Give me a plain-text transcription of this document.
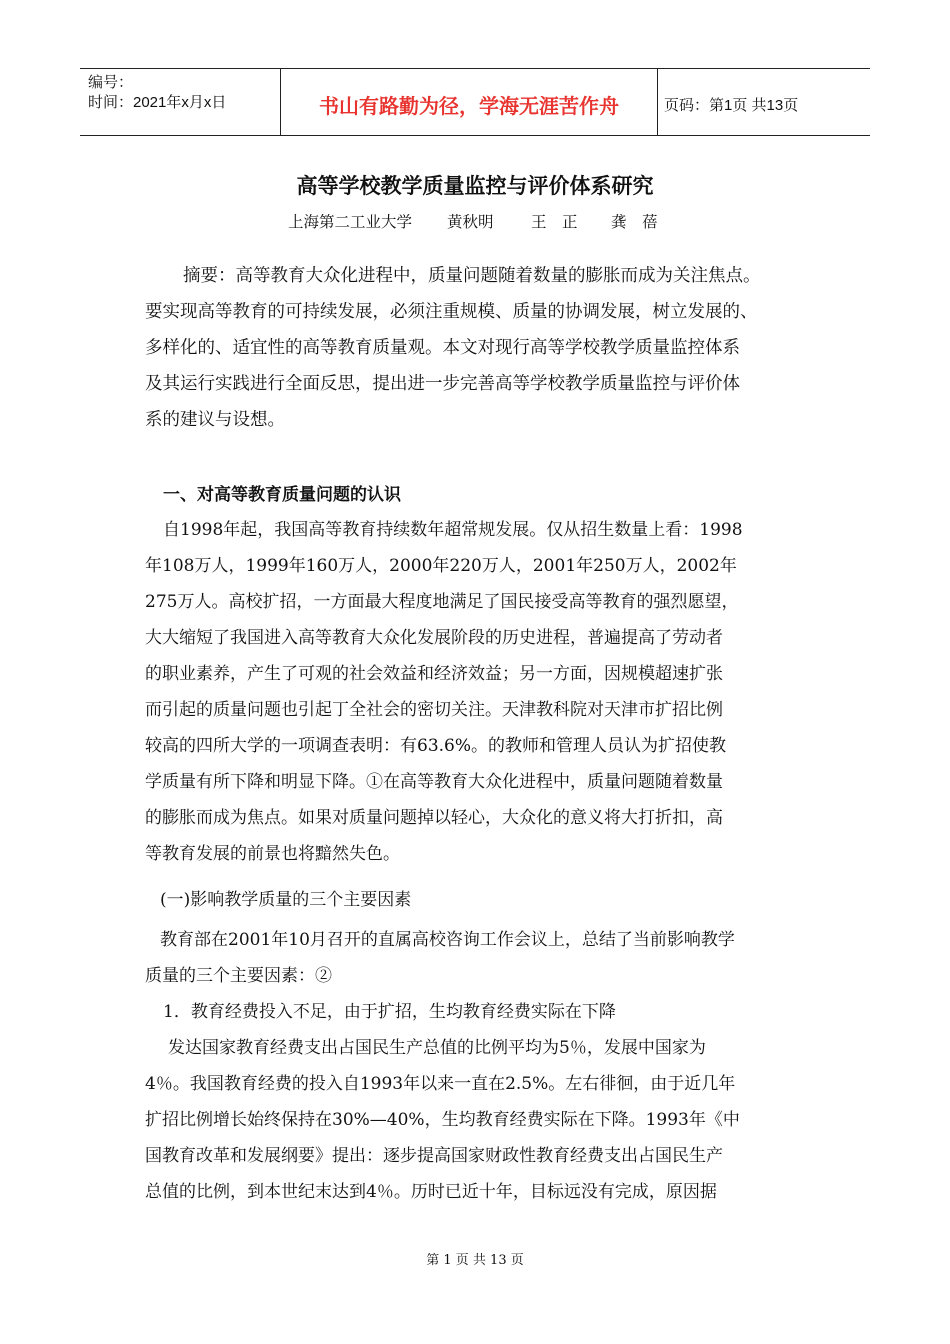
编号：
时间：2021年x月x日	书山有路勤为径，学海无涯苦作舟	页码：第1页 共13页
高等学校教学质量监控与评价体系研究
上海第二工业大学 黄秋明 王　正 龚　蓓
摘要：高等教育大众化进程中，质量问题随着数量的膨胀而成为关注焦点。
要实现高等教育的可持续发展，必须注重规模、质量的协调发展，树立发展的、
多样化的、适宜性的高等教育质量观。本文对现行高等学校教学质量监控体系
及其运行实践进行全面反思，提出进一步完善高等学校教学质量监控与评价体
系的建议与设想。
一、对高等教育质量问题的认识
自1998年起，我国高等教育持续数年超常规发展。仅从招生数量上看：1998
年108万人，1999年160万人，2000年220万人，2001年250万人，2002年
275万人。高校扩招，一方面最大程度地满足了国民接受高等教育的强烈愿望，
大大缩短了我国进入高等教育大众化发展阶段的历史进程，普遍提高了劳动者
的职业素养，产生了可观的社会效益和经济效益；另一方面，因规模超速扩张
而引起的质量问题也引起丁全社会的密切关注。天津教科院对天津市扩招比例
较高的四所大学的一项调查表明：有63.6%。的教师和管理人员认为扩招使教
学质量有所下降和明显下降。①在高等教育大众化进程中，质量问题随着数量
的膨胀而成为焦点。如果对质量问题掉以轻心，大众化的意义将大打折扣，高
等教育发展的前景也将黯然失色。
(一)影响教学质量的三个主要因素
教育部在2001年10月召开的直属高校咨询工作会议上，总结了当前影响教学
质量的三个主要因素：②
1．教育经费投入不足，由于扩招，生均教育经费实际在下降
发达国家教育经费支出占国民生产总值的比例平均为5％，发展中国家为
4％。我国教育经费的投入自1993年以来一直在2.5%。左右徘徊，由于近几年
扩招比例增长始终保持在30%—40%，生均教育经费实际在下降。1993年《中
国教育改革和发展纲要》提出：逐步提高国家财政性教育经费支出占国民生产
总值的比例，到本世纪末达到4％。历时已近十年，目标远没有完成，原因据
第 1 页 共 13 页
